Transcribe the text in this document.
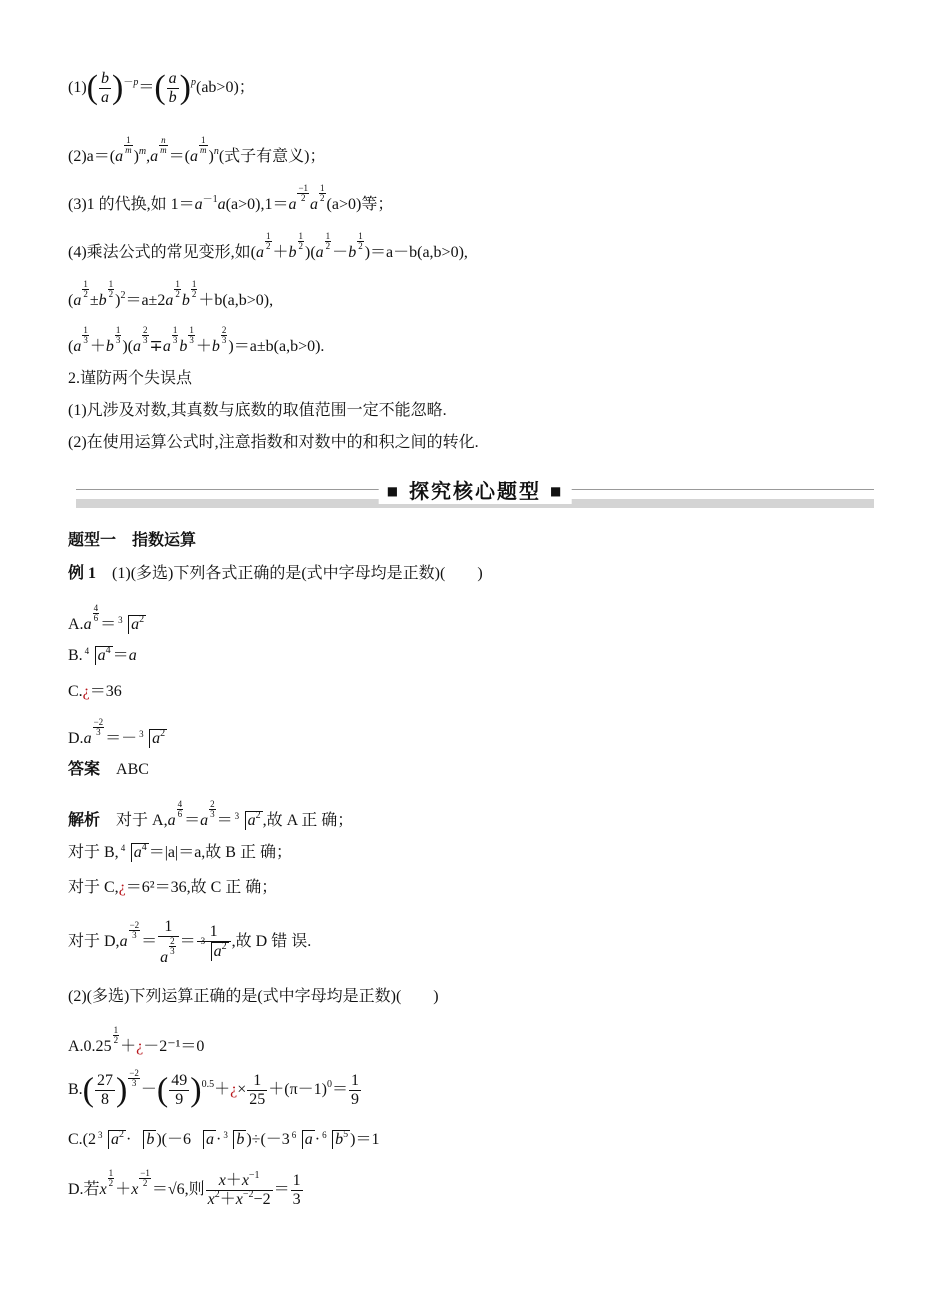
$(1)( \frac{b}{a} )^{-p}=( \frac{a}{b} )^p(ab>0)$；
(2)a＝(a
$\frac{1}{m}$
)$^m$,a
$\frac{n}{m}$
＝(a
$\frac{1}{m}$
)$^n$(式子有意义)；
(3)1 的代换,如 $1=a^{-1}a(a>0),1=a$
$\frac{-1}{2}$
a
$\frac{1}{2}$
(a>0)等；
(4)乘法公式的常见变形,如(a
$\frac{1}{2}$
＋b
$\frac{1}{2}$
)(a
$\frac{1}{2}$
－b
$\frac{1}{2}$
)＝a－b(a,b>0),
(a
$\frac{1}{2}$
±b
$\frac{1}{2}$
)$^2$＝a±2a
$\frac{1}{2}$
b
$\frac{1}{2}$
＋b(a,b>0),
(a
$\frac{1}{3}$
＋b
$\frac{1}{3}$
)(a
$\frac{2}{3}$
∓a
$\frac{1}{3}$
b
$\frac{1}{3}$
＋b
$\frac{2}{3}$
)＝a±b(a,b>0).
2.谨防两个失误点
(1)凡涉及对数,其真数与底数的取值范围一定不能忽略.
(2)在使用运算公式时,注意指数和对数中的和积之间的转化.
■ 探究核心题型 ■
题型一　指数运算
例 1　 (1)(多选)下列各式正确的是(式中字母均是正数)(　　)
A.a
$\frac{4}{6}$
＝ 3 $a^2$
B. 4 $a^4 =a$
C.¿＝36
D.a
$\frac{-2}{3}$
＝－ 3 $a^2$
答案　 ABC
解析　 对于 A,a
$\frac{4}{6}$
＝a
$\frac{2}{3}$
＝ 3 $a^2$ ,故 A 正 确；
对于 B, 4 $a^4 =|a|=a$,故 B 正 确；
对于 C,¿＝6²＝36,故 C 正 确；
对于 D,a
$\frac{-2}{3}$
＝ 1
a
$\frac{2}{3} = 1$
3
$a^2$ ,故 D 错 误.
(2)(多选)下列运算正确的是(式中字母均是正数)(　　)
A.0.25
$\frac{1}{2}$
＋¿－2⁻¹＝0
$B.( \frac{27}{8}$ ) $\frac{-2}{3}$
－( $\frac{49}{9}$ )$^{0.5}$＋¿× $\frac{1}{25} +(\pi-1)^0= \frac{1}{9}$
C.(2 3 $a^2 \cdot b$ )(－6 a · 3 b )÷(－3 6 a · 6 $b^5$ )＝1
D.若x
$\frac{1}{2}$
＋x
$\frac{-1}{2}$
＝√6,则 $\frac{x+x^{-1}}{x^2+x^{-2}-2} = \frac{1}{3}$
